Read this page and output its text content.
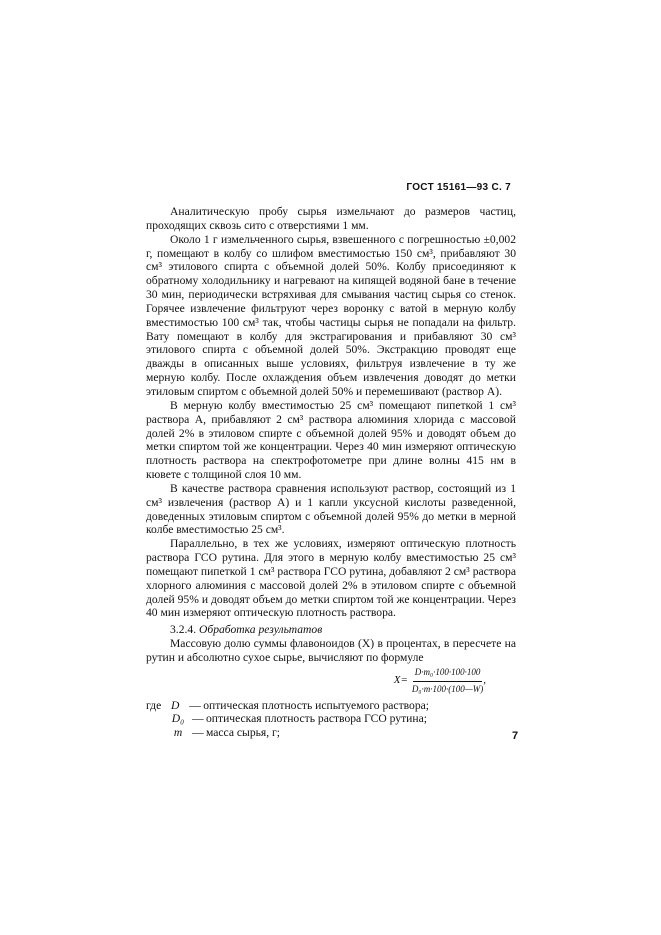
ГОСТ 15161—93 С. 7

Аналитическую пробу сырья измельчают до размеров частиц, проходящих сквозь сито с отверстиями 1 мм.

Около 1 г измельченного сырья, взвешенного с погрешностью ±0,002 г, помещают в колбу со шлифом вместимостью 150 см³, прибавляют 30 см³ этилового спирта с объемной долей 50%. Колбу присоединяют к обратному холодильнику и нагревают на кипящей водяной бане в течение 30 мин, периодически встряхивая для смывания частиц сырья со стенок. Горячее извлечение фильтруют через воронку с ватой в мерную колбу вместимостью 100 см³ так, чтобы частицы сырья не попадали на фильтр. Вату помещают в колбу для экстрагирования и прибавляют 30 см³ этилового спирта с объемной долей 50%. Экстракцию проводят еще дважды в описанных выше условиях, фильтруя извлечение в ту же мерную колбу. После охлаждения объем извлечения доводят до метки этиловым спиртом с объемной долей 50% и перемешивают (раствор А).

В мерную колбу вместимостью 25 см³ помещают пипеткой 1 см³ раствора А, прибавляют 2 см³ раствора алюминия хлорида с массовой долей 2% в этиловом спирте с объемной долей 95% и доводят объем до метки спиртом той же концентрации. Через 40 мин измеряют оптическую плотность раствора на спектрофотометре при длине волны 415 нм в кювете с толщиной слоя 10 мм.

В качестве раствора сравнения используют раствор, состоящий из 1 см³ извлечения (раствор А) и 1 капли уксусной кислоты разведенной, доведенных этиловым спиртом с объемной долей 95% до метки в мерной колбе вместимостью 25 см³.

Параллельно, в тех же условиях, измеряют оптическую плотность раствора ГСО рутина. Для этого в мерную колбу вместимостью 25 см³ помещают пипеткой 1 см³ раствора ГСО рутина, добавляют 2 см³ раствора хлорного алюминия с массовой долей 2% в этиловом спирте с объемной долей 95% и доводят объем до метки спиртом той же концентрации. Через 40 мин измеряют оптическую плотность раствора.

3.2.4. Обработка результатов

Массовую долю суммы флавоноидов (X) в процентах, в пересчете на рутин и абсолютно сухое сырье, вычисляют по формуле

$X= \frac{\text{D·m₀·100·100·100}}{\text{D₀·m·100·(100—W)}}$ ,
где D — оптическая плотность испытуемого раствора;
D₀ — оптическая плотность раствора ГСО рутина;
m — масса сырья, г;	7
